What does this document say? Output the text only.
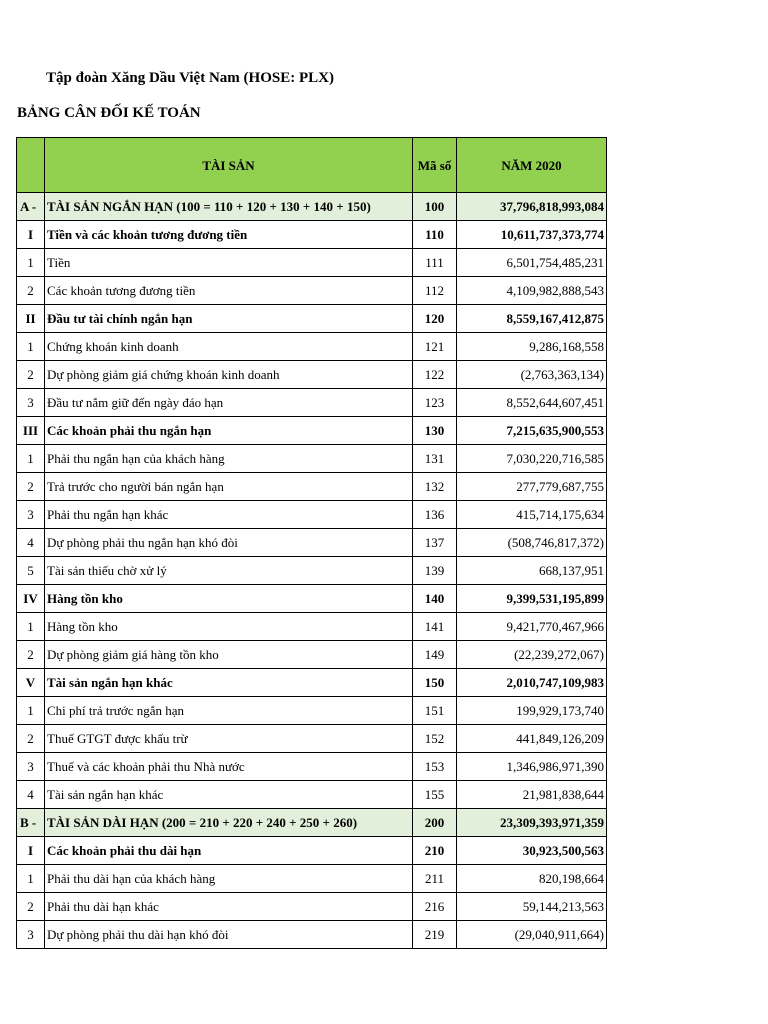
Tập đoàn Xăng Dầu Việt Nam (HOSE: PLX)
BẢNG CÂN ĐỐI KẾ TOÁN
	TÀI SẢN	Mã số	NĂM 2020
A -	TÀI SẢN NGẮN HẠN (100 = 110 + 120 + 130 + 140 + 150)	100	37,796,818,993,084
I	Tiền và các khoản tương đương tiền	110	10,611,737,373,774
1	Tiền	111	6,501,754,485,231
2	Các khoản tương đương tiền	112	4,109,982,888,543
II	Đầu tư tài chính ngắn hạn	120	8,559,167,412,875
1	Chứng khoán kinh doanh	121	9,286,168,558
2	Dự phòng giảm giá chứng khoán kinh doanh	122	(2,763,363,134)
3	Đầu tư nắm giữ đến ngày đáo hạn	123	8,552,644,607,451
III	Các khoản phải thu ngắn hạn	130	7,215,635,900,553
1	Phải thu ngắn hạn của khách hàng	131	7,030,220,716,585
2	Trả trước cho người bán ngắn hạn	132	277,779,687,755
3	Phải thu ngắn hạn khác	136	415,714,175,634
4	Dự phòng phải thu ngắn hạn khó đòi	137	(508,746,817,372)
5	Tài sản thiếu chờ xử lý	139	668,137,951
IV	Hàng tồn kho	140	9,399,531,195,899
1	Hàng tồn kho	141	9,421,770,467,966
2	Dự phòng giảm giá hàng tồn kho	149	(22,239,272,067)
V	Tài sản ngắn hạn khác	150	2,010,747,109,983
1	Chi phí trả trước ngắn hạn	151	199,929,173,740
2	Thuế GTGT được khấu trừ	152	441,849,126,209
3	Thuế và các khoản phải thu Nhà nước	153	1,346,986,971,390
4	Tài sản ngắn hạn khác	155	21,981,838,644
B -	TÀI SẢN DÀI HẠN (200 = 210 + 220 + 240 + 250 + 260)	200	23,309,393,971,359
I	Các khoản phải thu dài hạn	210	30,923,500,563
1	Phải thu dài hạn của khách hàng	211	820,198,664
2	Phải thu dài hạn khác	216	59,144,213,563
3	Dự phòng phải thu dài hạn khó đòi	219	(29,040,911,664)
